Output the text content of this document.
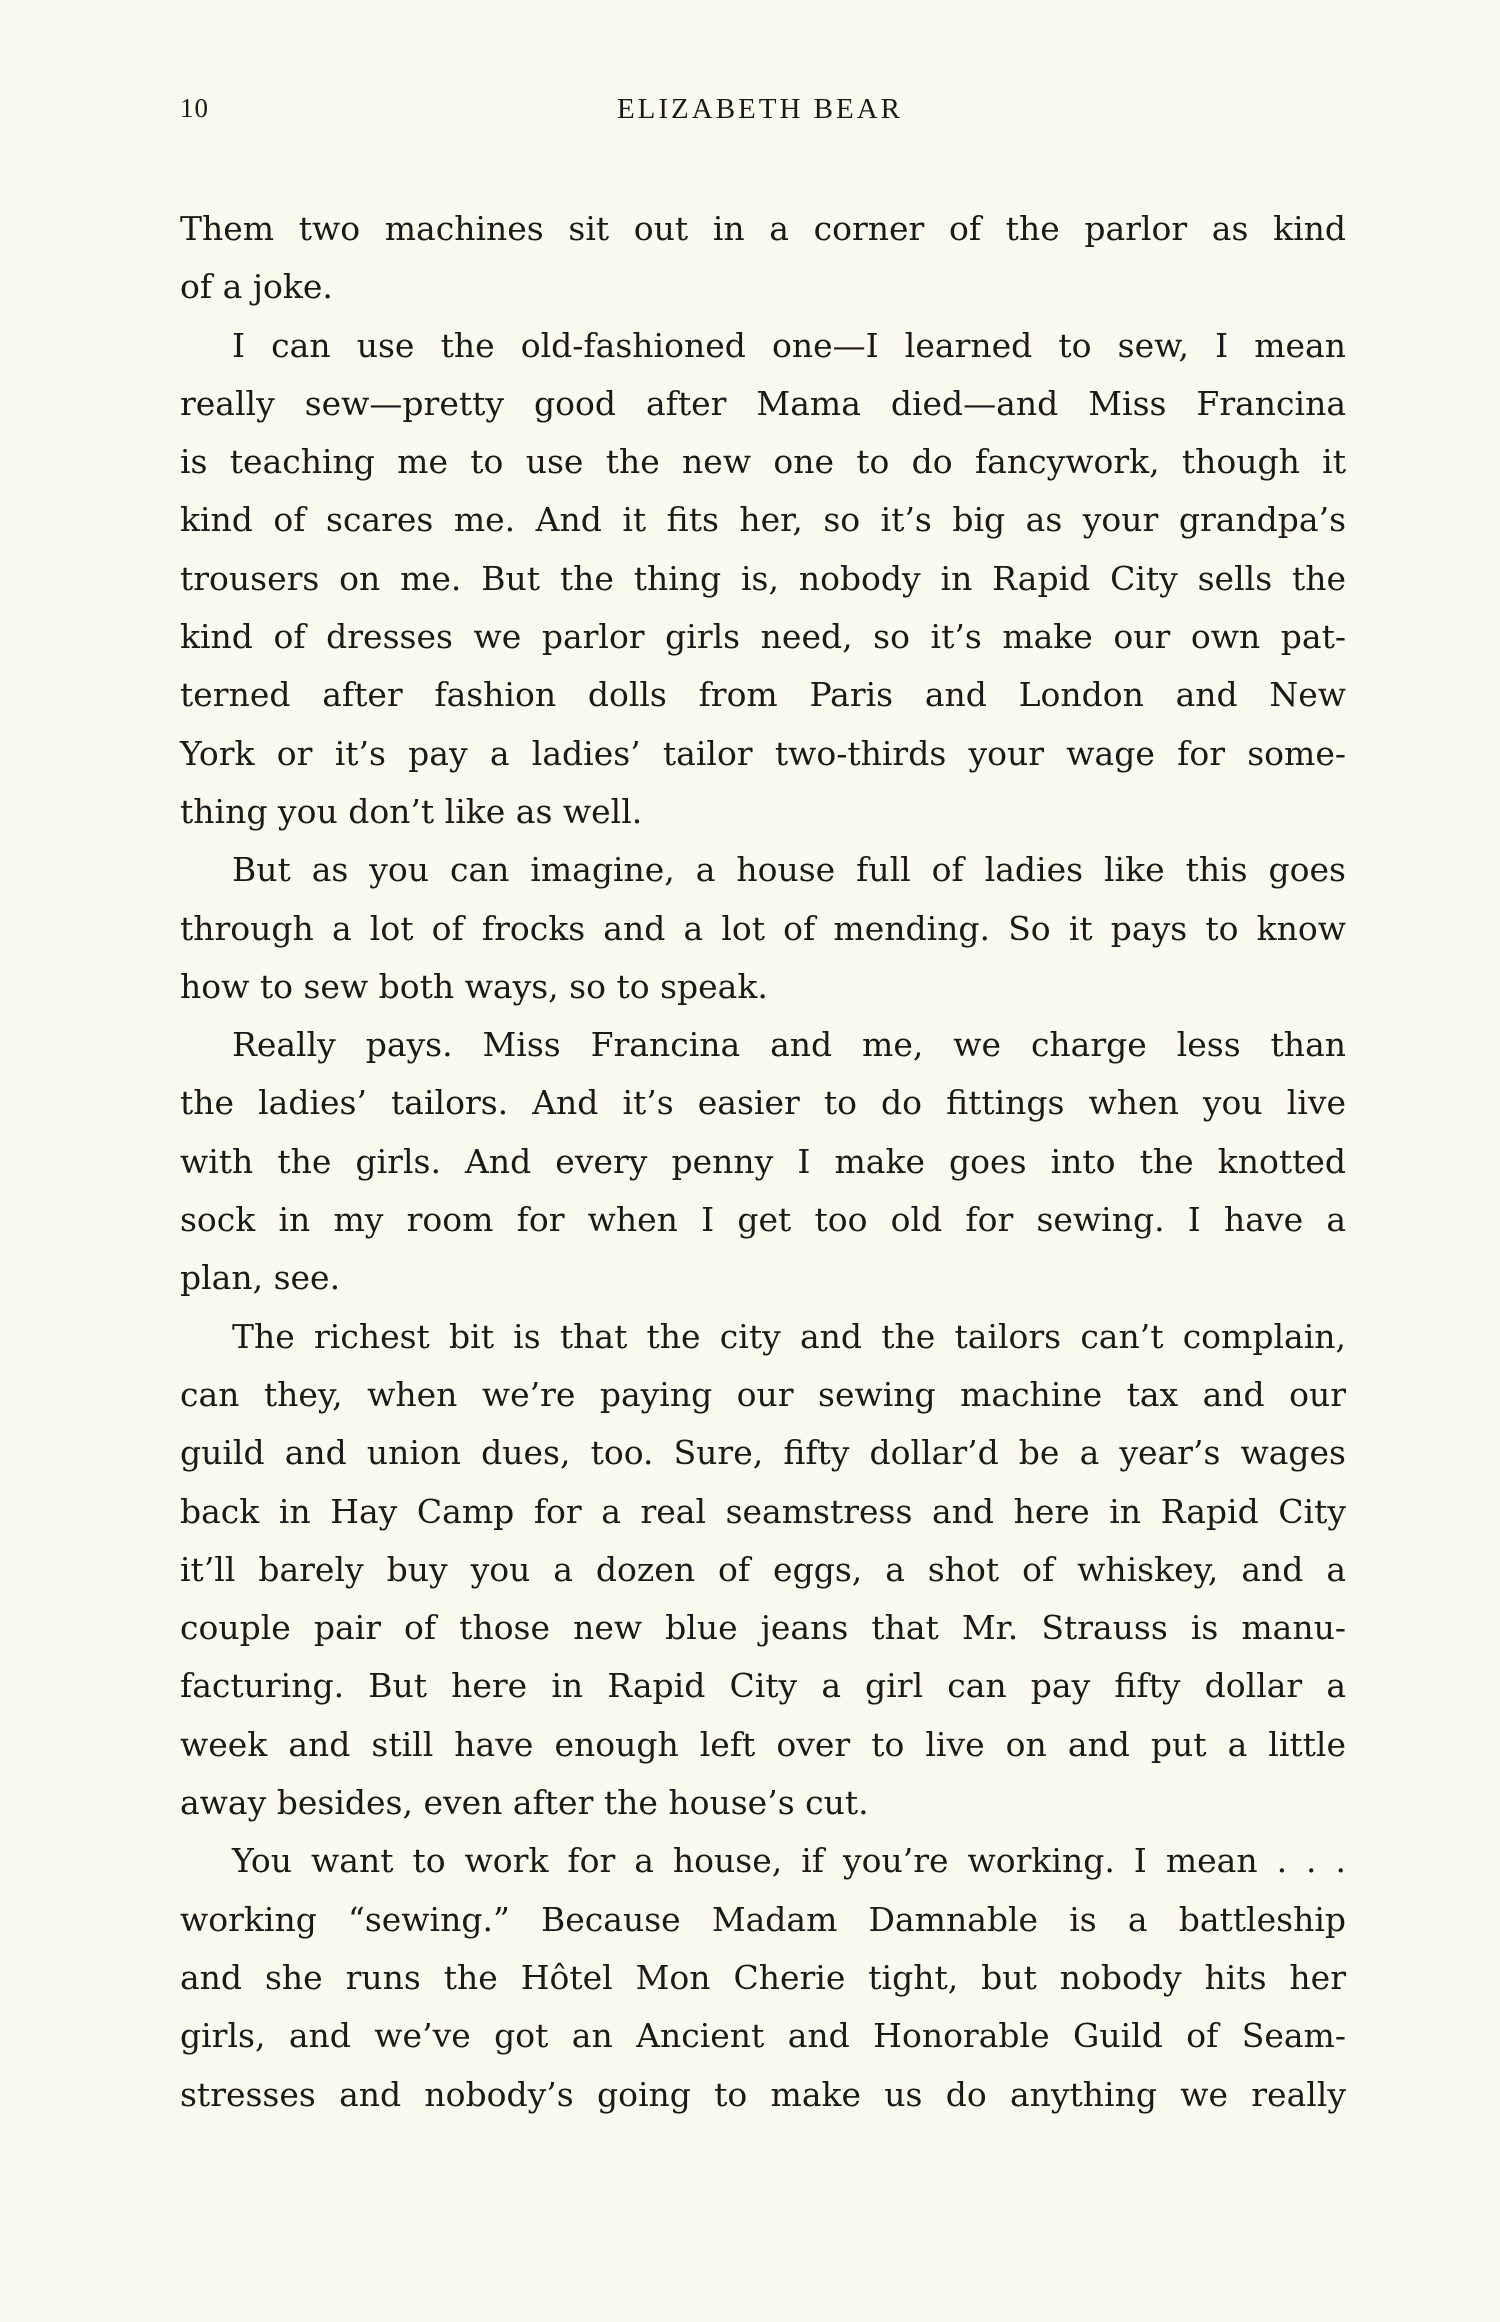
10	ELIZABETH BEAR
Them two machines sit out in a corner of the parlor as kind
of a joke.
I can use the old-fashioned one—I learned to sew, I mean
really sew—pretty good after Mama died—and Miss Francina
is teaching me to use the new one to do fancywork, though it
kind of scares me. And it fits her, so it’s big as your grandpa’s
trousers on me. But the thing is, nobody in Rapid City sells the
kind of dresses we parlor girls need, so it’s make our own pat-
terned after fashion dolls from Paris and London and New
York or it’s pay a ladies’ tailor two-thirds your wage for some-
thing you don’t like as well.
But as you can imagine, a house full of ladies like this goes
through a lot of frocks and a lot of mending. So it pays to know
how to sew both ways, so to speak.
Really pays. Miss Francina and me, we charge less than
the ladies’ tailors. And it’s easier to do fittings when you live
with the girls. And every penny I make goes into the knotted
sock in my room for when I get too old for sewing. I have a
plan, see.
The richest bit is that the city and the tailors can’t complain,
can they, when we’re paying our sewing machine tax and our
guild and union dues, too. Sure, fifty dollar’d be a year’s wages
back in Hay Camp for a real seamstress and here in Rapid City
it’ll barely buy you a dozen of eggs, a shot of whiskey, and a
couple pair of those new blue jeans that Mr. Strauss is manu-
facturing. But here in Rapid City a girl can pay fifty dollar a
week and still have enough left over to live on and put a little
away besides, even after the house’s cut.
You want to work for a house, if you’re working. I mean . . .
working “sewing.” Because Madam Damnable is a battleship
and she runs the Hôtel Mon Cherie tight, but nobody hits her
girls, and we’ve got an Ancient and Honorable Guild of Seam-
stresses and nobody’s going to make us do anything we really
